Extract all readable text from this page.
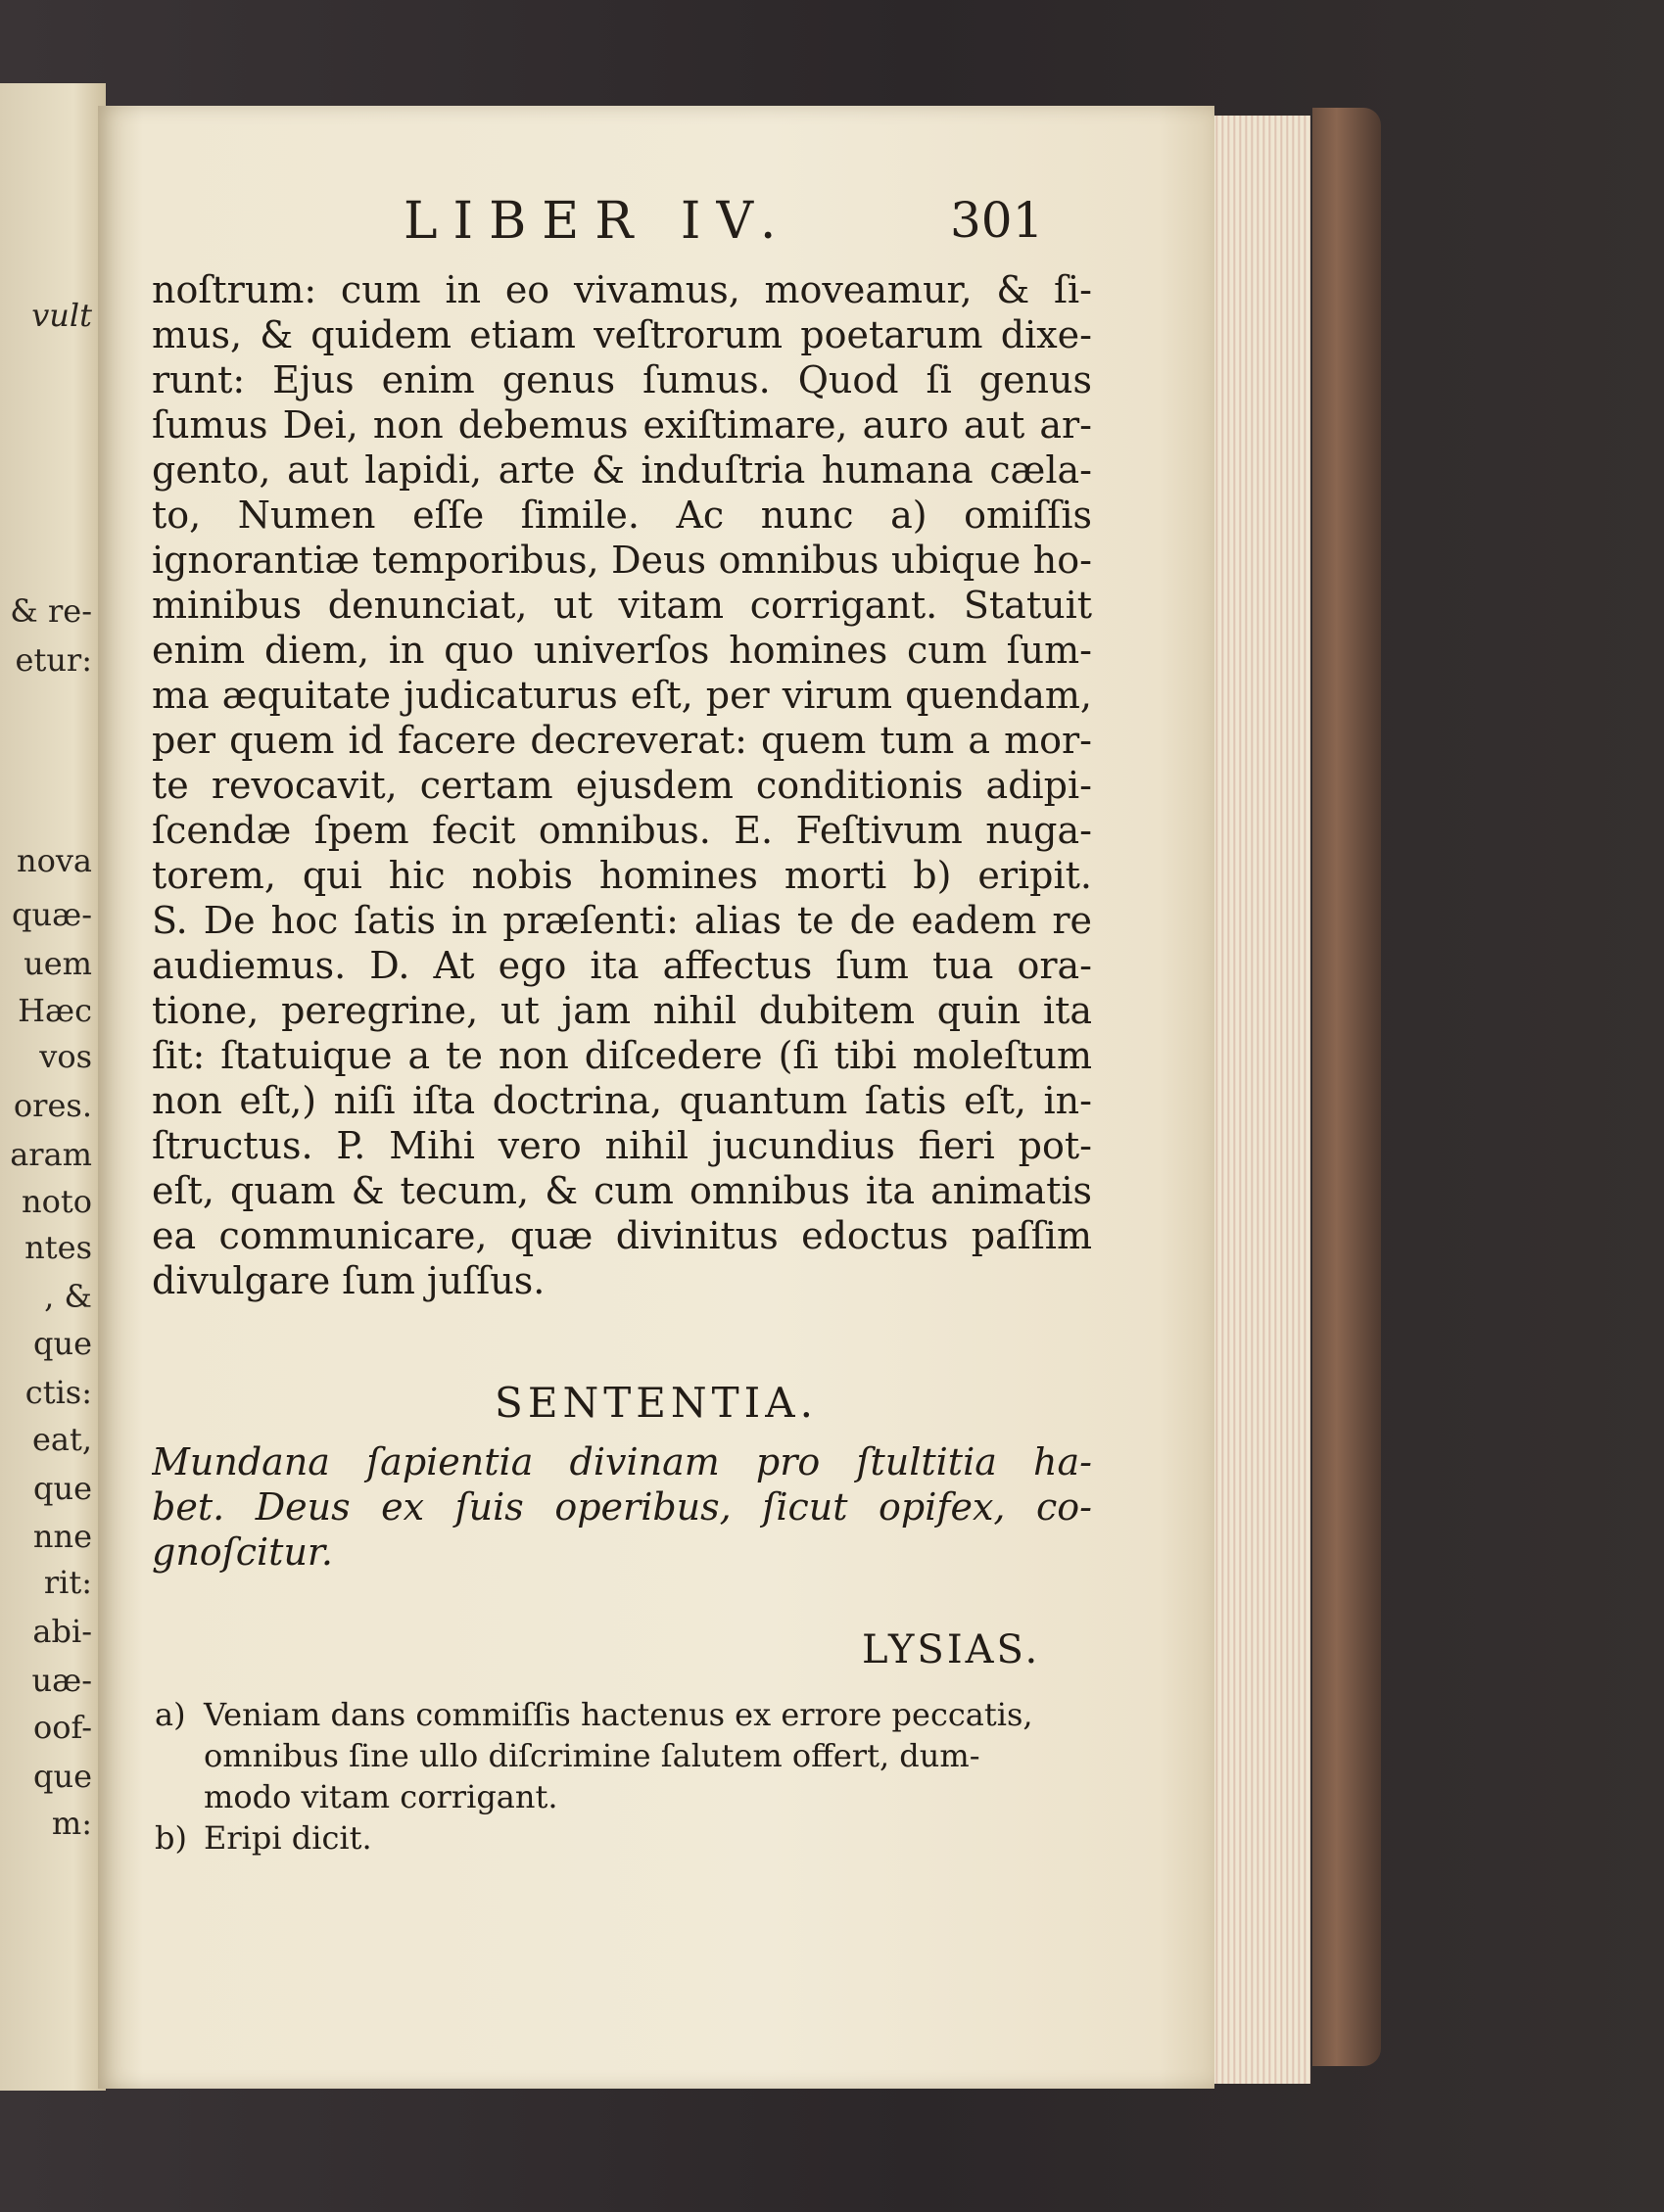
vult
& re-
etur:
nova
quæ-
uem
Hæc
vos
ores.
aram
noto
ntes
, &
que
ctis:
eat,
que
nne
rit:
abi-
uæ-
oof-
que
m:
LIBER IV.	301
noſtrum: cum in eo vivamus, moveamur, & ſi-
mus, & quidem etiam veſtrorum poetarum dixe-
runt: Ejus enim genus ſumus. Quod ſi genus
ſumus Dei, non debemus exiſtimare, auro aut ar-
gento, aut lapidi, arte & induſtria humana cæla-
to, Numen eſſe ſimile. Ac nunc a) omiſſis
ignorantiæ temporibus, Deus omnibus ubique ho-
minibus denunciat, ut vitam corrigant. Statuit
enim diem, in quo univerſos homines cum ſum-
ma æquitate judicaturus eſt, per virum quendam,
per quem id facere decreverat: quem tum a mor-
te revocavit, certam ejusdem conditionis adipi-
ſcendæ ſpem fecit omnibus. E. Feſtivum nuga-
torem, qui hic nobis homines morti b) eripit.
S. De hoc ſatis in præſenti: alias te de eadem re
audiemus. D. At ego ita affectus ſum tua ora-
tione, peregrine, ut jam nihil dubitem quin ita
ſit: ſtatuique a te non diſcedere (ſi tibi moleſtum
non eſt,) niſi iſta doctrina, quantum ſatis eſt, in-
ſtructus. P. Mihi vero nihil jucundius fieri pot-
eſt, quam & tecum, & cum omnibus ita animatis
ea communicare, quæ divinitus edoctus paſſim
divulgare ſum juſſus.
SENTENTIA.
Mundana ſapientia divinam pro ſtultitia ha-
bet. Deus ex ſuis operibus, ſicut opifex, co-
gnoſcitur.
LYSIAS.
a) Veniam dans commiſſis hactenus ex errore peccatis,
omnibus ſine ullo diſcrimine ſalutem offert, dum-
modo vitam corrigant.
b) Eripi dicit.
